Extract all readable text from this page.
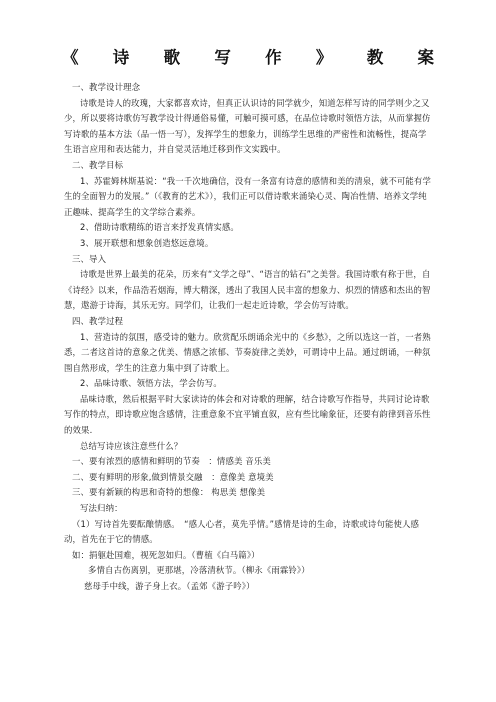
《 诗 歌 写 作 》 教 案

一、教学设计理念

诗歌是诗人的玫瑰，大家都喜欢诗，但真正认识诗的同学就少，知道怎样写诗的同学则少之又少，所以要将诗歌仿写教学设计得通俗易懂，可触可摸可感，在品位诗歌时领悟方法，从而掌握仿写诗歌的基本方法（品一悟一写），发挥学生的想象力，训练学生思维的严密性和流畅性，提高学生语言应用和表达能力，并自觉灵活地迁移到作文实践中。

二、教学目标

1、苏霍姆林斯基说：“我一千次地确信，没有一条富有诗意的感情和美的清泉，就不可能有学生的全面智力的发展。”（《教育的艺术》），我们正可以借诗歌来涌染心灵、陶冶性情、培养文学纯正趣味、提高学生的文学综合素养。

2、借助诗歌精练的语言来抒发真情实感。

3、展开联想和想象创造悠远意境。

三、导入

诗歌是世界上最美的花朵，历来有“文学之母”、“语言的钻石”之美誉。我国诗歌有称于世，自《诗经》以来，作品浩若烟海，博大精深，透出了我国人民丰富的想象力、炽烈的情感和杰出的智慧，遨游于诗海，其乐无穷。同学们，让我们一起走近诗歌，学会仿写诗歌。

四、教学过程

1、营造诗的氛围，感受诗的魅力。欣赏配乐朗诵余光中的《乡愁》，之所以选这一首，一者熟悉，二者这首诗的意象之优美、情感之浓郁、节奏旋律之美妙，可谓诗中上品。通过朗诵，一种氛围自然形成，学生的注意力集中到了诗歌上。

2、品味诗歌、领悟方法，学会仿写。

品味诗歌，然后根据平时大家读诗的体会和对诗歌的理解，结合诗歌写作指导，共同讨论诗歌写作的特点，即诗歌应饱含感情，注重意象不宜平铺直叙，应有些比喻象征，还要有韵律到音乐性的效果.

总结写诗应该注意些什么？

一、要有浓烈的感情和鲜明的节奏　：情感美 音乐美

二、要有鲜明的形象,做到情景交融　：意像美 意境美

三、要有新颖的构思和奇特的想像： 构思美 想像美

写法归纳：

（1）写诗首先要酝酿情感。　“感人心者，莫先乎情。”感情是诗的生命，诗歌或诗句能使人感动，首先在于它的情感。

如：捐躯赴国难，视死忽如归。（曹植《白马篇》）

多情自古伤离别，更那堪，冷落清秋节。（柳永《雨霖铃》）

慈母手中线，游子身上衣。（孟郊《游子吟》）
